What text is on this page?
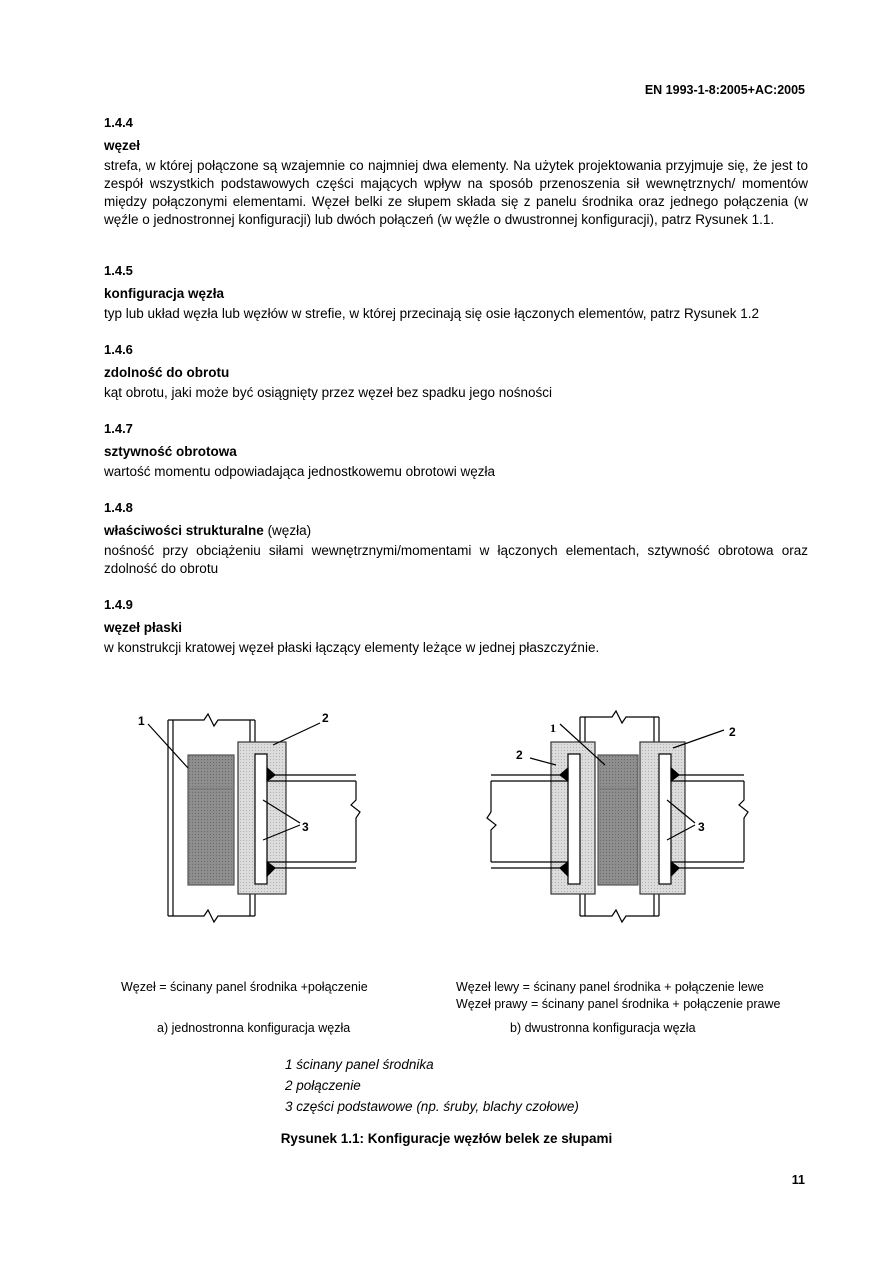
EN 1993-1-8:2005+AC:2005

1.4.4

węzeł

strefa, w której połączone są wzajemnie co najmniej dwa elementy. Na użytek projektowania przyjmuje się, że jest to zespół wszystkich podstawowych części mających wpływ na sposób przenoszenia sił wewnętrznych/ momentów między połączonymi elementami. Węzeł belki ze słupem składa się z panelu środnika oraz jednego połączenia (w węźle o jednostronnej konfiguracji) lub dwóch połączeń (w węźle o dwustronnej konfiguracji), patrz Rysunek 1.1.

1.4.5

konfiguracja węzła

typ lub układ węzła lub węzłów w strefie, w której przecinają się osie łączonych elementów, patrz Rysunek 1.2

1.4.6

zdolność do obrotu

kąt obrotu, jaki może być osiągnięty przez węzeł bez spadku jego nośności

1.4.7

sztywność obrotowa

wartość momentu odpowiadająca jednostkowemu obrotowi węzła

1.4.8

właściwości strukturalne (węzła)

nośność przy obciążeniu siłami wewnętrznymi/momentami w łączonych elementach, sztywność obrotowa oraz zdolność do obrotu

1.4.9

węzeł płaski

w konstrukcji kratowej węzeł płaski łączący elementy leżące w jednej płaszczyźnie.

1	2
3
1
2
2
3
Węzeł = ścinany panel środnika +połączenie	Węzeł lewy = ścinany panel środnika + połączenie lewe
Węzeł prawy = ścinany panel środnika + połączenie prawe
a) jednostronna konfiguracja węzła	b) dwustronna konfiguracja węzła
1 ścinany panel środnika
2 połączenie
3 części podstawowe (np. śruby, blachy czołowe)
Rysunek 1.1: Konfiguracje węzłów belek ze słupami
11
